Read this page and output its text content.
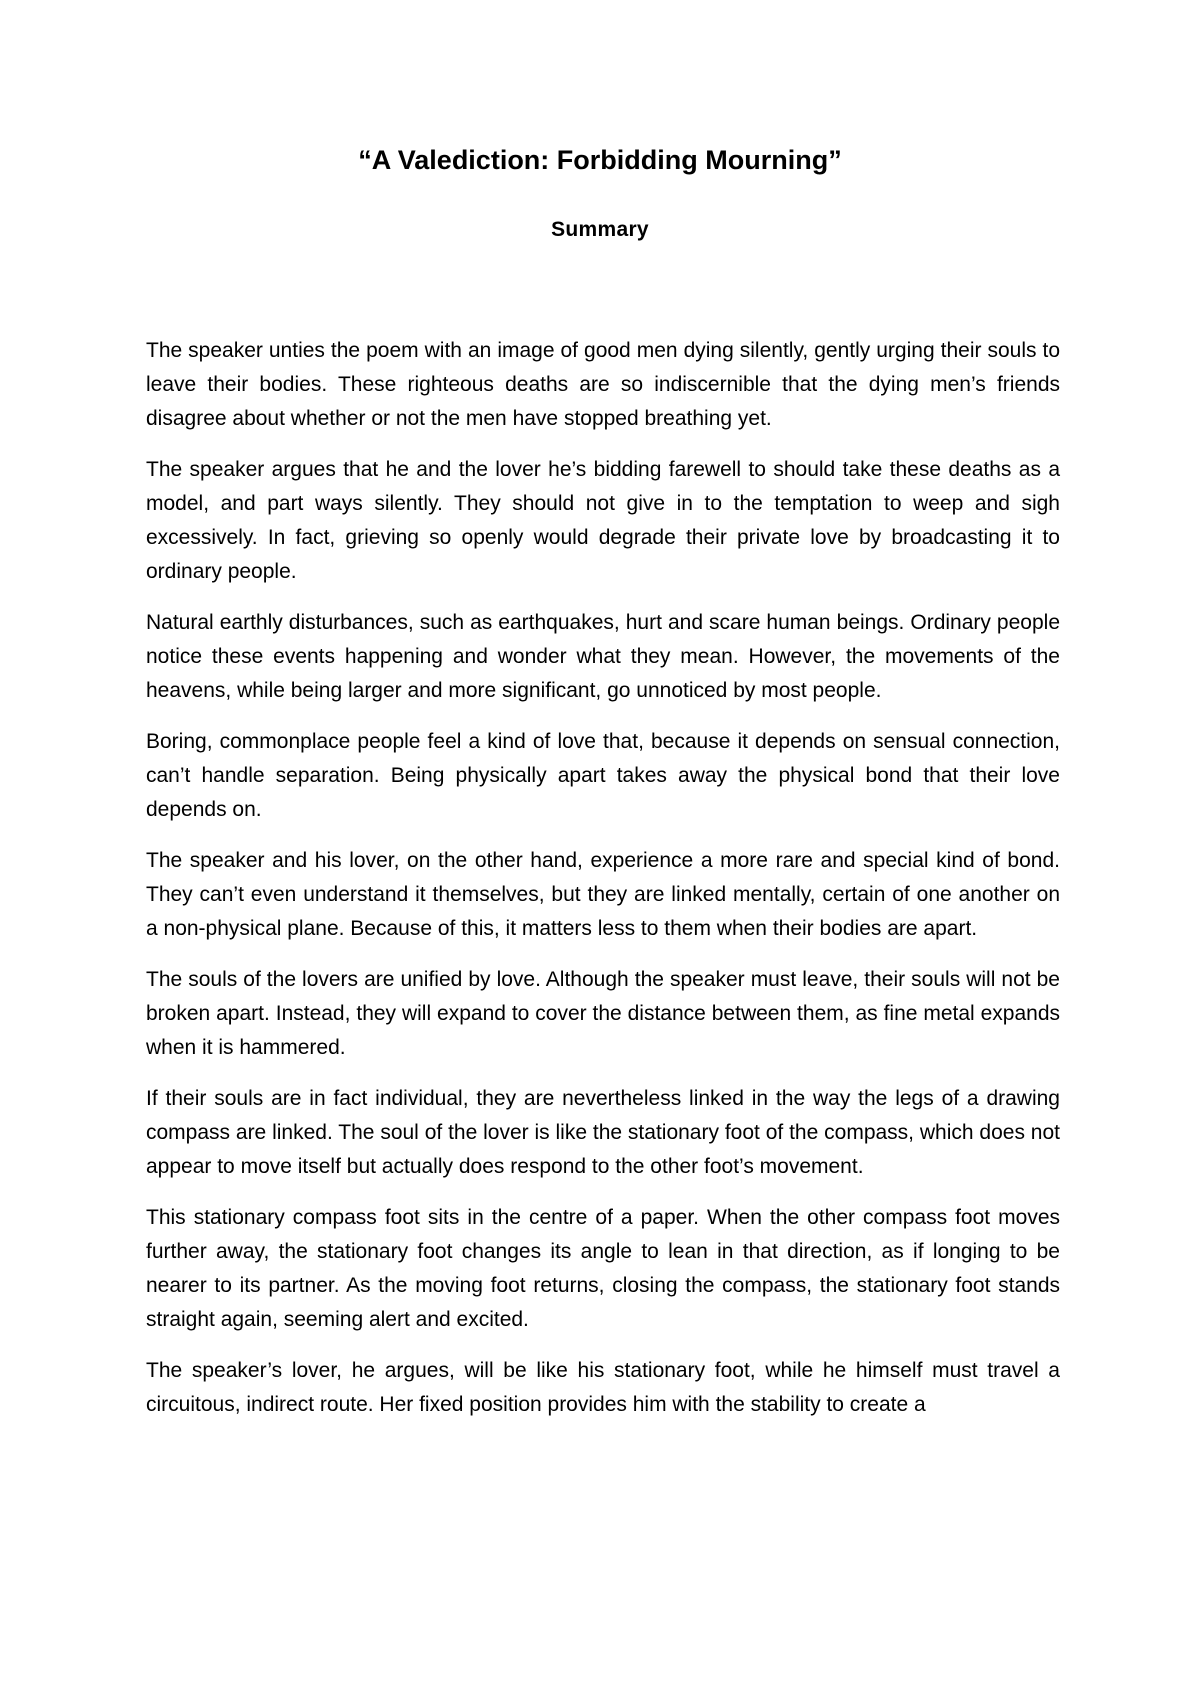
“A Valediction: Forbidding Mourning”
Summary

The speaker unties the poem with an image of good men dying silently, gently urging their souls to leave their bodies. These righteous deaths are so indiscernible that the dying men’s friends disagree about whether or not the men have stopped breathing yet.

The speaker argues that he and the lover he’s bidding farewell to should take these deaths as a model, and part ways silently. They should not give in to the temptation to weep and sigh excessively. In fact, grieving so openly would degrade their private love by broadcasting it to ordinary people.

Natural earthly disturbances, such as earthquakes, hurt and scare human beings. Ordinary people notice these events happening and wonder what they mean. However, the movements of the heavens, while being larger and more significant, go unnoticed by most people.

Boring, commonplace people feel a kind of love that, because it depends on sensual connection, can’t handle separation. Being physically apart takes away the physical bond that their love depends on.

The speaker and his lover, on the other hand, experience a more rare and special kind of bond. They can’t even understand it themselves, but they are linked mentally, certain of one another on a non-physical plane. Because of this, it matters less to them when their bodies are apart.

The souls of the lovers are unified by love. Although the speaker must leave, their souls will not be broken apart. Instead, they will expand to cover the distance between them, as fine metal expands when it is hammered.

If their souls are in fact individual, they are nevertheless linked in the way the legs of a drawing compass are linked. The soul of the lover is like the stationary foot of the compass, which does not appear to move itself but actually does respond to the other foot’s movement.

This stationary compass foot sits in the centre of a paper. When the other compass foot moves further away, the stationary foot changes its angle to lean in that direction, as if longing to be nearer to its partner. As the moving foot returns, closing the compass, the stationary foot stands straight again, seeming alert and excited.

The speaker’s lover, he argues, will be like his stationary foot, while he himself must travel a circuitous, indirect route. Her fixed position provides him with the stability to create a
